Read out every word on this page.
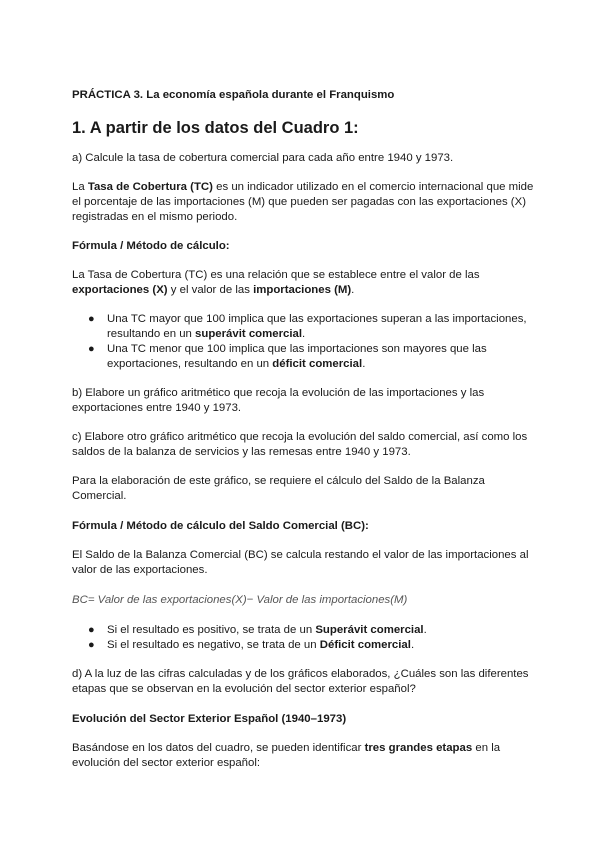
PRÁCTICA 3. La economía española durante el Franquismo
1. A partir de los datos del Cuadro 1:
a) Calcule la tasa de cobertura comercial para cada año entre 1940 y 1973.
La Tasa de Cobertura (TC) es un indicador utilizado en el comercio internacional que mide
el porcentaje de las importaciones (M) que pueden ser pagadas con las exportaciones (X)
registradas en el mismo periodo.
Fórmula / Método de cálculo:
La Tasa de Cobertura (TC) es una relación que se establece entre el valor de las
exportaciones (X) y el valor de las importaciones (M).
● Una TC mayor que 100 implica que las exportaciones superan a las importaciones,
resultando en un superávit comercial.
● Una TC menor que 100 implica que las importaciones son mayores que las
exportaciones, resultando en un déficit comercial.
b) Elabore un gráfico aritmético que recoja la evolución de las importaciones y las
exportaciones entre 1940 y 1973.
c) Elabore otro gráfico aritmético que recoja la evolución del saldo comercial, así como los
saldos de la balanza de servicios y las remesas entre 1940 y 1973.
Para la elaboración de este gráfico, se requiere el cálculo del Saldo de la Balanza
Comercial.
Fórmula / Método de cálculo del Saldo Comercial (BC):
El Saldo de la Balanza Comercial (BC) se calcula restando el valor de las importaciones al
valor de las exportaciones.
BC= Valor de las exportaciones(X)− Valor de las importaciones(M)
● Si el resultado es positivo, se trata de un Superávit comercial.
● Si el resultado es negativo, se trata de un Déficit comercial.
d) A la luz de las cifras calculadas y de los gráficos elaborados, ¿Cuáles son las diferentes
etapas que se observan en la evolución del sector exterior español?
Evolución del Sector Exterior Español (1940–1973)
Basándose en los datos del cuadro, se pueden identificar tres grandes etapas en la
evolución del sector exterior español:
